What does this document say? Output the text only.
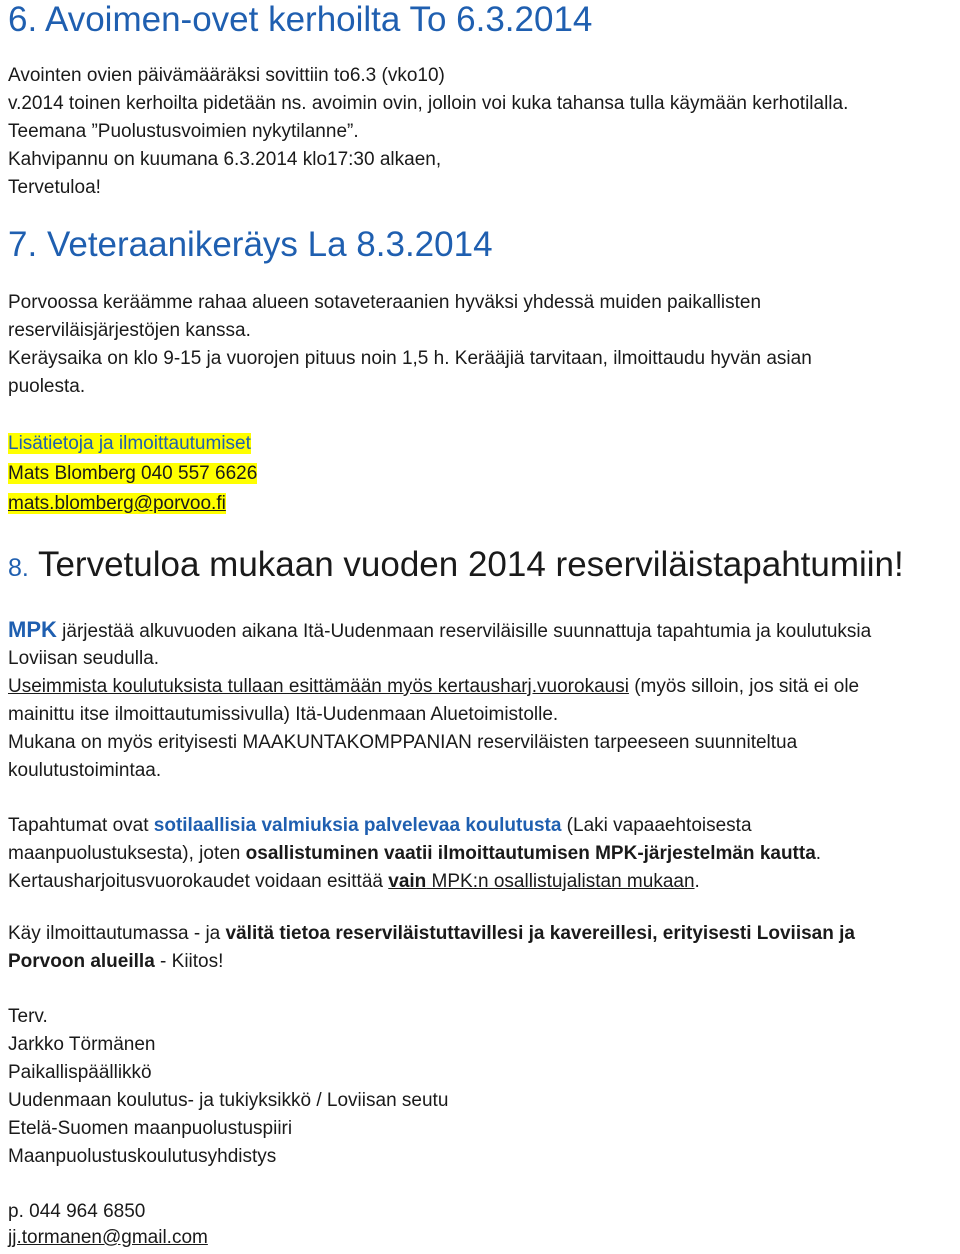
6. Avoimen-ovet kerhoilta To 6.3.2014
Avointen ovien päivämääräksi sovittiin to6.3 (vko10)
v.2014 toinen kerhoilta pidetään ns. avoimin ovin, jolloin voi kuka tahansa tulla käymään kerhotilalla.
Teemana ”Puolustusvoimien nykytilanne”.
Kahvipannu on kuumana 6.3.2014 klo17:30 alkaen,
Tervetuloa!
7. Veteraanikeräys La 8.3.2014
Porvoossa keräämme rahaa alueen sotaveteraanien hyväksi yhdessä muiden paikallisten
reserviläisjärjestöjen kanssa.
Keräysaika on klo 9-15 ja vuorojen pituus noin 1,5 h. Kerääjiä tarvitaan, ilmoittaudu hyvän asian
puolesta.
Lisätietoja ja ilmoittautumiset
Mats Blomberg 040 557 6626
mats.blomberg@porvoo.fi
8. Tervetuloa mukaan vuoden 2014 reserviläistapahtumiin!
MPK järjestää alkuvuoden aikana Itä-Uudenmaan reserviläisille suunnattuja tapahtumia ja koulutuksia
Loviisan seudulla.
Useimmista koulutuksista tullaan esittämään myös kertausharj.vuorokausi (myös silloin, jos sitä ei ole
mainittu itse ilmoittautumissivulla) Itä-Uudenmaan Aluetoimistolle.
Mukana on myös erityisesti MAAKUNTAKOMPPANIAN reserviläisten tarpeeseen suunniteltua
koulutustoimintaa.
Tapahtumat ovat sotilaallisia valmiuksia palvelevaa koulutusta (Laki vapaaehtoisesta
maanpuolustuksesta), joten osallistuminen vaatii ilmoittautumisen MPK-järjestelmän kautta.
Kertausharjoitusvuorokaudet voidaan esittää vain MPK:n osallistujalistan mukaan.
Käy ilmoittautumassa - ja välitä tietoa reserviläistuttavillesi ja kavereillesi, erityisesti Loviisan ja
Porvoon alueilla - Kiitos!
Terv.
Jarkko Törmänen
Paikallispäällikkö
Uudenmaan koulutus- ja tukiyksikkö / Loviisan seutu
Etelä-Suomen maanpuolustuspiiri
Maanpuolustuskoulutusyhdistys
p. 044 964 6850
jj.tormanen@gmail.com
